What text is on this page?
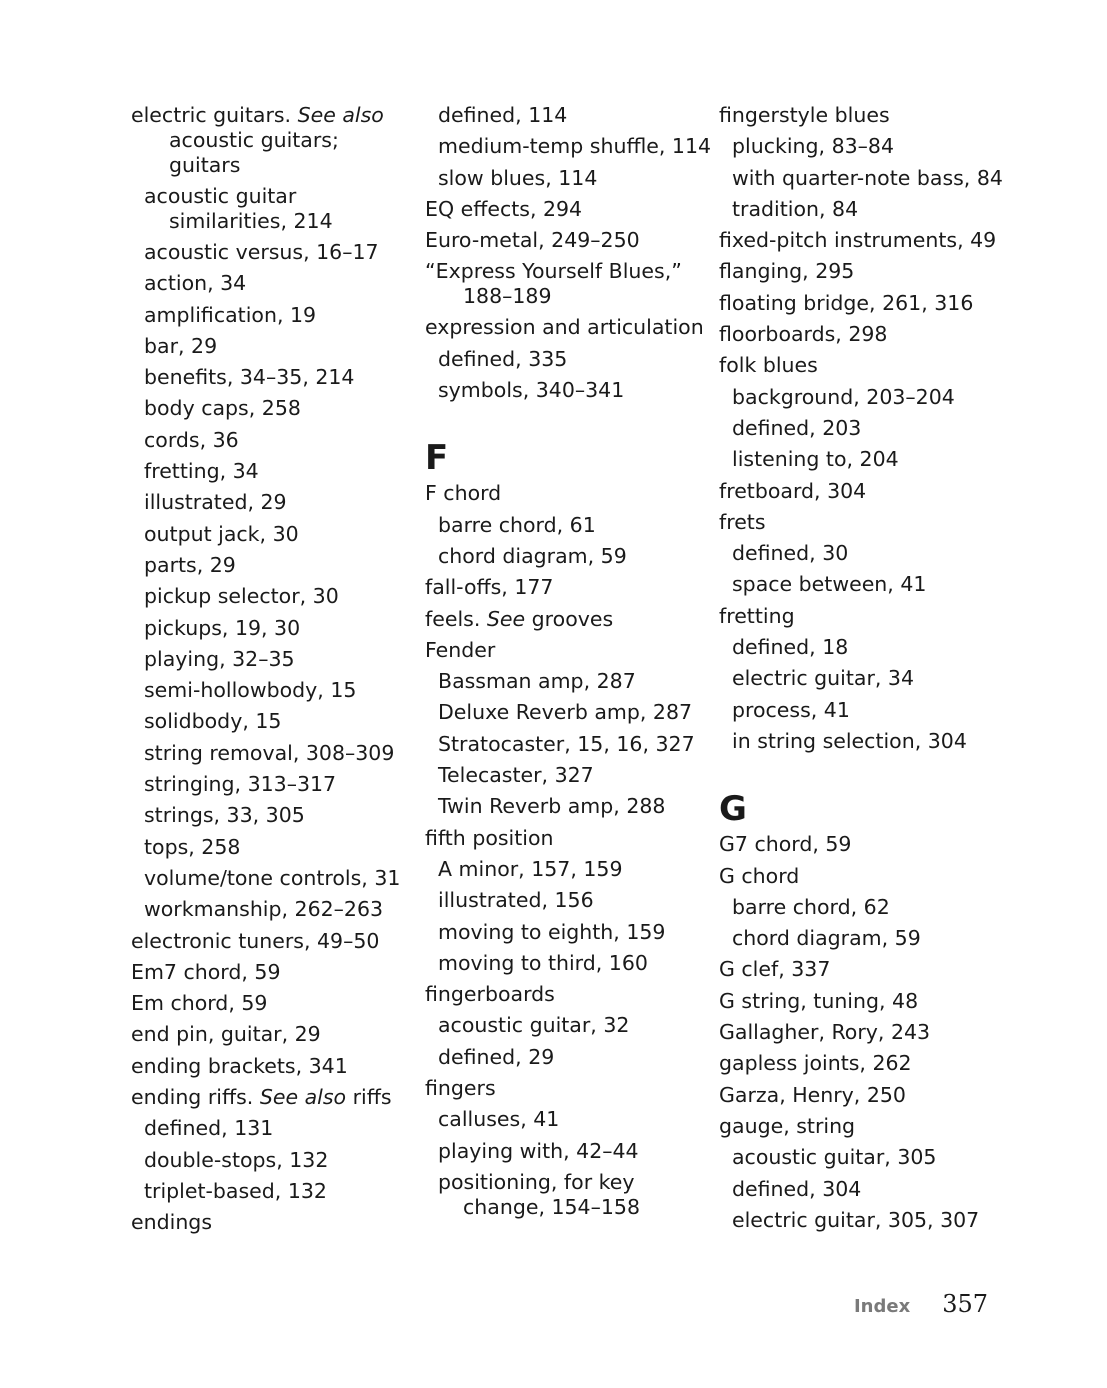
electric guitars. See also acoustic guitars; guitars
acoustic guitar similarities, 214
acoustic versus, 16–17
action, 34
amplification, 19
bar, 29
benefits, 34–35, 214
body caps, 258
cords, 36
fretting, 34
illustrated, 29
output jack, 30
parts, 29
pickup selector, 30
pickups, 19, 30
playing, 32–35
semi-hollowbody, 15
solidbody, 15
string removal, 308–309
stringing, 313–317
strings, 33, 305
tops, 258
volume/tone controls, 31
workmanship, 262–263
electronic tuners, 49–50
Em7 chord, 59
Em chord, 59
end pin, guitar, 29
ending brackets, 341
ending riffs. See also riffs
defined, 131
double-stops, 132
triplet-based, 132
endings
defined, 114
medium-temp shuffle, 114
slow blues, 114
EQ effects, 294
Euro-metal, 249–250
“Express Yourself Blues,” 188–189
expression and articulation
defined, 335
symbols, 340–341
F
F chord
barre chord, 61
chord diagram, 59
fall-offs, 177
feels. See grooves
Fender
Bassman amp, 287
Deluxe Reverb amp, 287
Stratocaster, 15, 16, 327
Telecaster, 327
Twin Reverb amp, 288
fifth position
A minor, 157, 159
illustrated, 156
moving to eighth, 159
moving to third, 160
fingerboards
acoustic guitar, 32
defined, 29
fingers
calluses, 41
playing with, 42–44
positioning, for key change, 154–158
fingerstyle blues
plucking, 83–84
with quarter-note bass, 84
tradition, 84
fixed-pitch instruments, 49
flanging, 295
floating bridge, 261, 316
floorboards, 298
folk blues
background, 203–204
defined, 203
listening to, 204
fretboard, 304
frets
defined, 30
space between, 41
fretting
defined, 18
electric guitar, 34
process, 41
in string selection, 304
G
G7 chord, 59
G chord
barre chord, 62
chord diagram, 59
G clef, 337
G string, tuning, 48
Gallagher, Rory, 243
gapless joints, 262
Garza, Henry, 250
gauge, string
acoustic guitar, 305
defined, 304
electric guitar, 305, 307
Index 357
